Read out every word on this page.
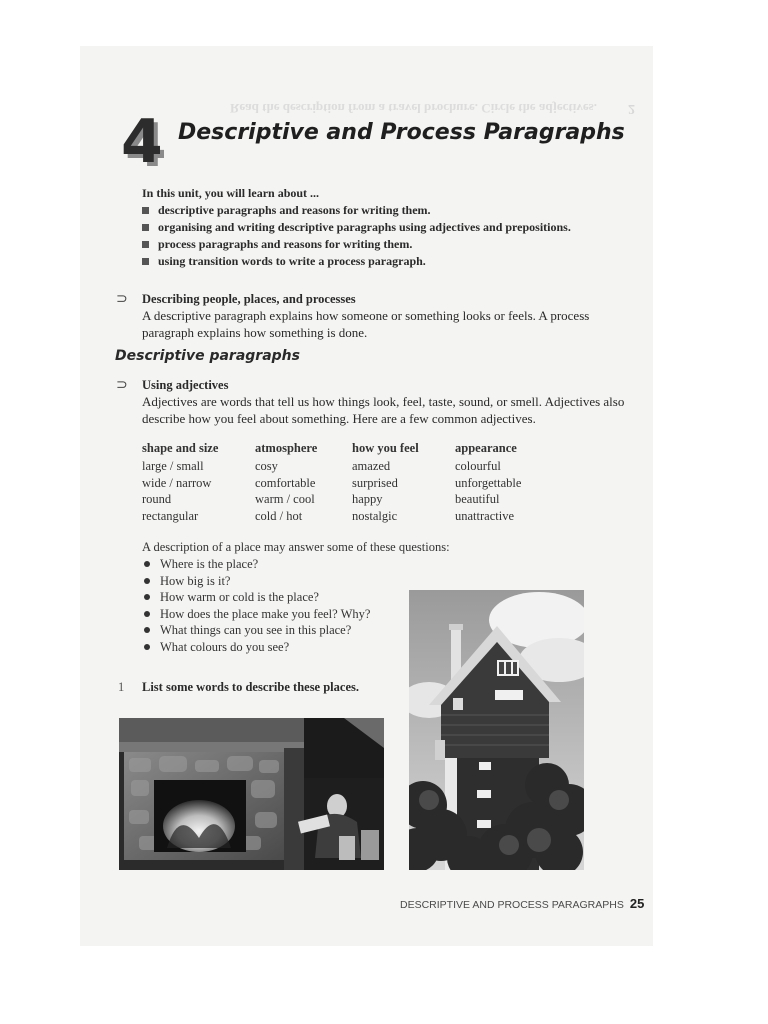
Read the description from a travel brochure. Circle the adjectives. 2
4 Descriptive and Process Paragraphs
In this unit, you will learn about ...
descriptive paragraphs and reasons for writing them.
organising and writing descriptive paragraphs using adjectives and prepositions.
process paragraphs and reasons for writing them.
using transition words to write a process paragraph.
⊃ Describing people, places, and processes

A descriptive paragraph explains how someone or something looks or feels. A process paragraph explains how something is done.

Descriptive paragraphs
⊃ Using adjectives

Adjectives are words that tell us how things look, feel, taste, sound, or smell. Adjectives also describe how you feel about something. Here are a few common adjectives.

shape and size	atmosphere	how you feel	appearance
large / small	cosy	amazed	colourful
wide / narrow	comfortable	surprised	unforgettable
round	warm / cool	happy	beautiful
rectangular	cold / hot	nostalgic	unattractive
A description of a place may answer some of these questions:
Where is the place?
How big is it?
How warm or cold is the place?
How does the place make you feel? Why?
What things can you see in this place?
What colours do you see?
1 List some words to describe these places.
DESCRIPTIVE AND PROCESS PARAGRAPHS 25
